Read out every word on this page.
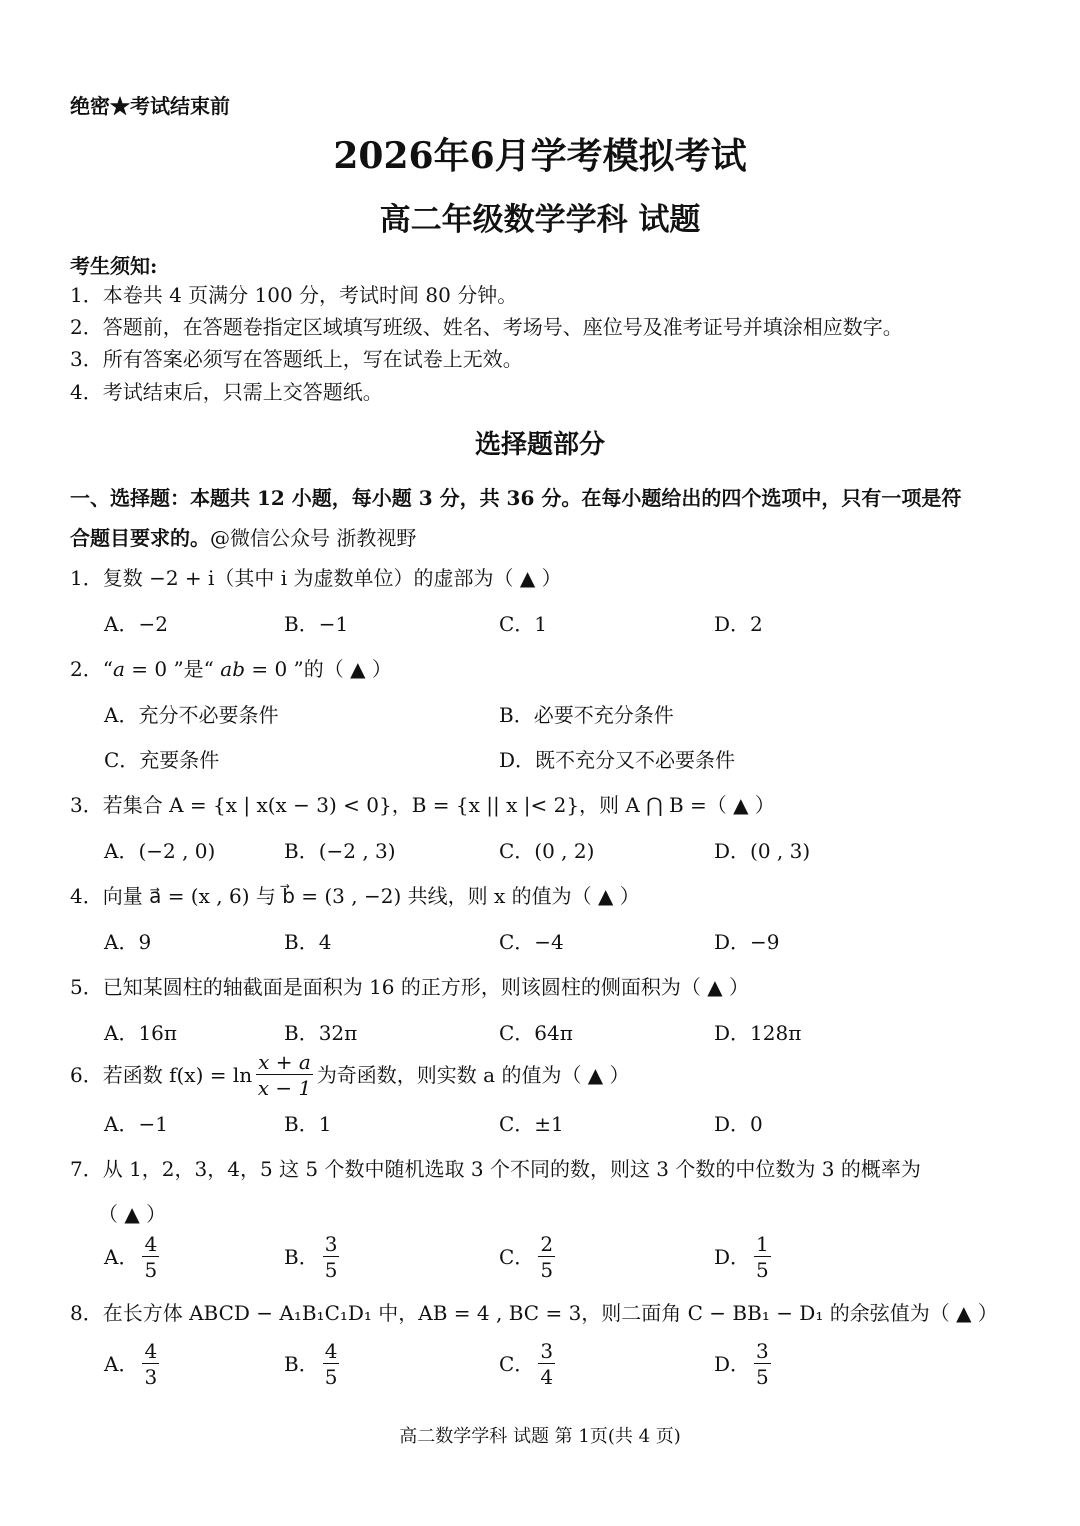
绝密★考试结束前
2026年6月学考模拟考试
高二年级数学学科 试题
考生须知:
1．本卷共 4 页满分 100 分，考试时间 80 分钟。
2．答题前，在答题卷指定区域填写班级、姓名、考场号、座位号及准考证号并填涂相应数字。
3．所有答案必须写在答题纸上，写在试卷上无效。
4．考试结束后，只需上交答题纸。
选择题部分
一、选择题：本题共 12 小题，每小题 3 分，共 36 分。在每小题给出的四个选项中，只有一项是符
合题目要求的。@微信公众号 浙教视野
1．复数 −2 + i（其中 i 为虚数单位）的虚部为（ ▲ ）
A．−2	B．−1	C．1	D．2
2．“a = 0 ”是“ ab = 0 ”的（ ▲ ）
A．充分不必要条件	B．必要不充分条件
C．充要条件	D．既不充分又不必要条件
3．若集合 A = {x | x(x − 3) < 0}，B = {x || x |< 2}，则 A ⋂ B =（ ▲ ）
A．(−2 , 0)	B．(−2 , 3)	C．(0 , 2)	D．(0 , 3)
4．向量 a⃗ = (x , 6) 与 b⃗ = (3 , −2) 共线，则 x 的值为（ ▲ ）
A．9	B．4	C．−4	D．−9
5．已知某圆柱的轴截面是面积为 16 的正方形，则该圆柱的侧面积为（ ▲ ）
A．16π	B．32π	C．64π	D．128π
6．若函数 $f(x) = \ln \frac{x + a}{x - 1}$ 为奇函数，则实数 a 的值为（ ▲ ）
A．−1	B．1	C．±1	D．0
7．从 1，2，3，4，5 这 5 个数中随机选取 3 个不同的数，则这 3 个数的中位数为 3 的概率为
（ ▲ ）
A． $\frac{4}{5}$	B． $\frac{3}{5}$	C． $\frac{2}{5}$	D． $\frac{1}{5}$
8．在长方体 ABCD − A₁B₁C₁D₁ 中，AB = 4 , BC = 3，则二面角 C − BB₁ − D₁ 的余弦值为（ ▲ ）
A． $\frac{4}{3}$	B． $\frac{4}{5}$	C． $\frac{3}{4}$	D． $\frac{3}{5}$
高二数学学科 试题 第 1页(共 4 页)
